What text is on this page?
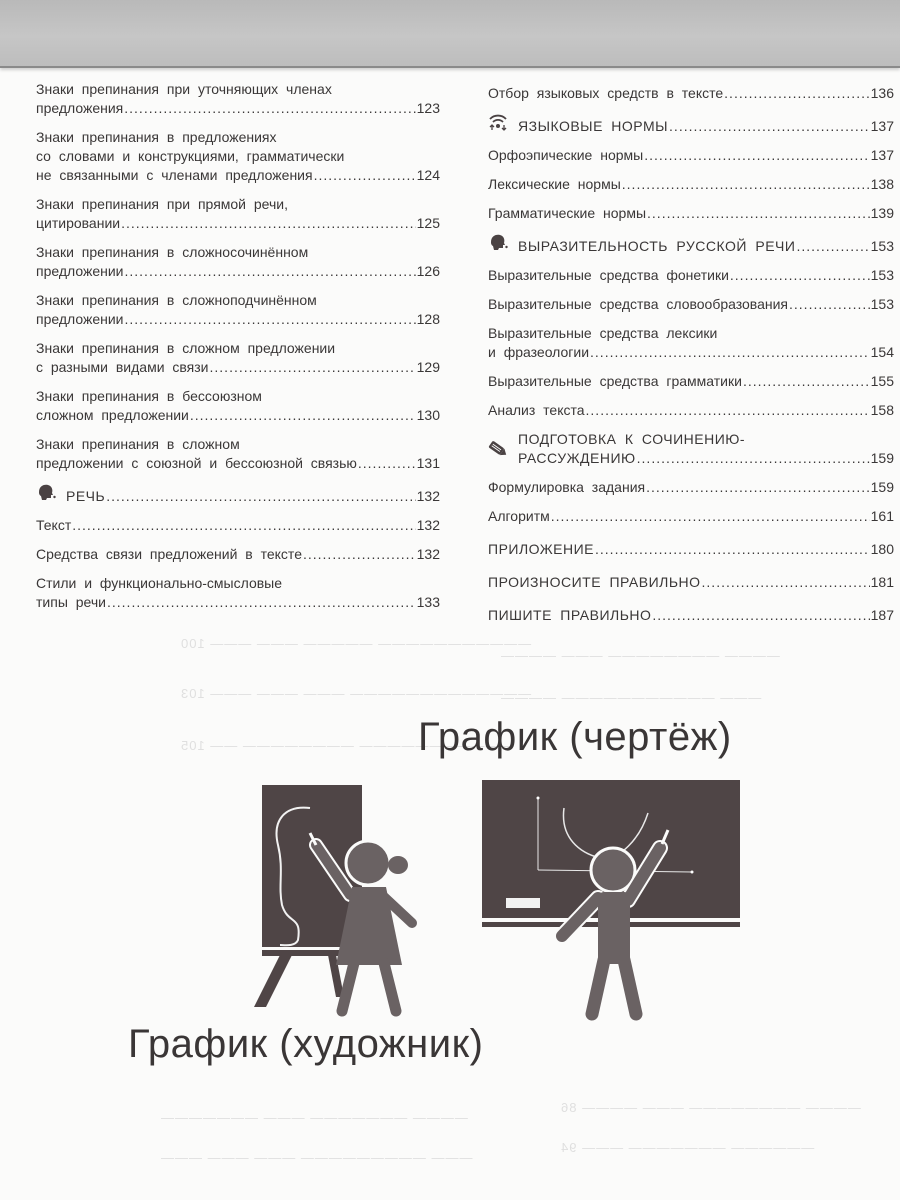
——————————— ————— ——— ——— 100
————————————— ——— ——— ——— 103
——————————— ———————— —— 105
———— ———————— ——— ————
——— ——————————— ————
———— ———————— ——— ———— 86
—————— ——————— ——— 94
———— ——————— ——— ———————
——— ————————— ——— ——— ———
Знаки препинания при уточняющих членах
предложения .....	123
Знаки препинания в предложениях
со словами и конструкциями, грамматически
не связанными с членами предложения .....	124
Знаки препинания при прямой речи,
цитировании .....	125
Знаки препинания в сложносочинённом
предложении .....	126
Знаки препинания в сложноподчинённом
предложении .....	128
Знаки препинания в сложном предложении
с разными видами связи .....	129
Знаки препинания в бессоюзном
сложном предложении .....	130
Знаки препинания в сложном
предложении с союзной и бессоюзной связью .....	131
РЕЧЬ .....	132
Текст .....	132
Средства связи предложений в тексте .....	132
Стили и функционально-смысловые
типы речи .....	133
Отбор языковых средств в тексте .....	136
ЯЗЫКОВЫЕ НОРМЫ .....	137
Орфоэпические нормы .....	137
Лексические нормы .....	138
Грамматические нормы .....	139
ВЫРАЗИТЕЛЬНОСТЬ РУССКОЙ РЕЧИ .....	153
Выразительные средства фонетики .....	153
Выразительные средства словообразования .....	153
Выразительные средства лексики
и фразеологии .....	154
Выразительные средства грамматики .....	155
Анализ текста .....	158
ПОДГОТОВКА К СОЧИНЕНИЮ-
РАССУЖДЕНИЮ .....	159
Формулировка задания .....	159
Алгоритм .....	161
ПРИЛОЖЕНИЕ .....	180
ПРОИЗНОСИТЕ ПРАВИЛЬНО .....	181
ПИШИТЕ ПРАВИЛЬНО .....	187
График (чертёж)
График (художник)
